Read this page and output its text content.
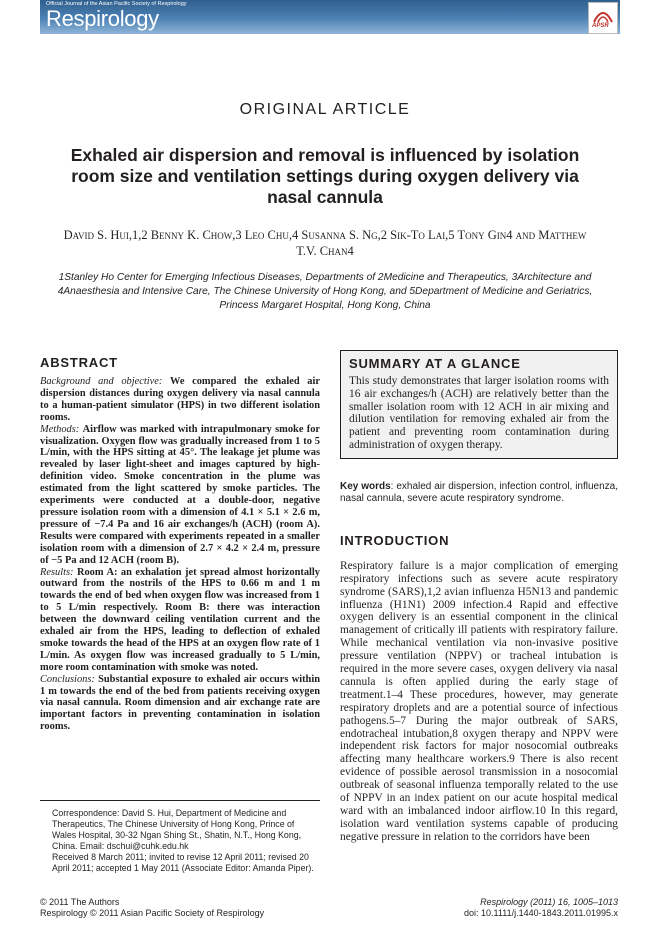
Official Journal of the Asian Pacific Society of Respirology
Respirology	APSR
ORIGINAL ARTICLE
Exhaled air dispersion and removal is influenced by isolation room size and ventilation settings during oxygen delivery via nasal cannula
David S. Hui,1,2 Benny K. Chow,3 Leo Chu,4 Susanna S. Ng,2 Sik-To Lai,5 Tony Gin4 and Matthew T.V. Chan4
1Stanley Ho Center for Emerging Infectious Diseases, Departments of 2Medicine and Therapeutics, 3Architecture and 4Anaesthesia and Intensive Care, The Chinese University of Hong Kong, and 5Department of Medicine and Geriatrics, Princess Margaret Hospital, Hong Kong, China
ABSTRACT

Background and objective: We compared the exhaled air dispersion distances during oxygen delivery via nasal cannula to a human-patient simulator (HPS) in two different isolation rooms.

Methods: Airflow was marked with intrapulmonary smoke for visualization. Oxygen flow was gradually increased from 1 to 5 L/min, with the HPS sitting at 45°. The leakage jet plume was revealed by laser light-sheet and images captured by high-definition video. Smoke concentration in the plume was estimated from the light scattered by smoke particles. The experiments were conducted at a double-door, negative pressure isolation room with a dimension of 4.1 × 5.1 × 2.6 m, pressure of −7.4 Pa and 16 air exchanges/h (ACH) (room A). Results were compared with experiments repeated in a smaller isolation room with a dimension of 2.7 × 4.2 × 2.4 m, pressure of −5 Pa and 12 ACH (room B).

Results: Room A: an exhalation jet spread almost horizontally outward from the nostrils of the HPS to 0.66 m and 1 m towards the end of bed when oxygen flow was increased from 1 to 5 L/min respectively. Room B: there was interaction between the downward ceiling ventilation current and the exhaled air from the HPS, leading to deflection of exhaled smoke towards the head of the HPS at an oxygen flow rate of 1 L/min. As oxygen flow was increased gradually to 5 L/min, more room contamination with smoke was noted.

Conclusions: Substantial exposure to exhaled air occurs within 1 m towards the end of the bed from patients receiving oxygen via nasal cannula. Room dimension and air exchange rate are important factors in preventing contamination in isolation rooms.

Correspondence: David S. Hui, Department of Medicine and Therapeutics, The Chinese University of Hong Kong, Prince of Wales Hospital, 30-32 Ngan Shing St., Shatin, N.T., Hong Kong, China. Email: dschui@cuhk.edu.hk

Received 8 March 2011; invited to revise 12 April 2011; revised 20 April 2011; accepted 1 May 2011 (Associate Editor: Amanda Piper).

SUMMARY AT A GLANCE
This study demonstrates that larger isolation rooms with 16 air exchanges/h (ACH) are relatively better than the smaller isolation room with 12 ACH in air mixing and dilution ventilation for removing exhaled air from the patient and preventing room contamination during administration of oxygen therapy.
Key words: exhaled air dispersion, infection control, influenza, nasal cannula, severe acute respiratory syndrome.
INTRODUCTION
Respiratory failure is a major complication of emerging respiratory infections such as severe acute respiratory syndrome (SARS),1,2 avian influenza H5N13 and pandemic influenza (H1N1) 2009 infection.4 Rapid and effective oxygen delivery is an essential component in the clinical management of critically ill patients with respiratory failure. While mechanical ventilation via non-invasive positive pressure ventilation (NPPV) or tracheal intubation is required in the more severe cases, oxygen delivery via nasal cannula is often applied during the early stage of treatment.1–4 These procedures, however, may generate respiratory droplets and are a potential source of infectious pathogens.5–7 During the major outbreak of SARS, endotracheal intubation,8 oxygen therapy and NPPV were independent risk factors for major nosocomial outbreaks affecting many healthcare workers.9 There is also recent evidence of possible aerosol transmission in a nosocomial outbreak of seasonal influenza temporally related to the use of NPPV in an index patient on our acute hospital medical ward with an imbalanced indoor airflow.10 In this regard, isolation ward ventilation systems capable of producing negative pressure in relation to the corridors have been
© 2011 The Authors
Respirology © 2011 Asian Pacific Society of Respirology
Respirology (2011) 16, 1005–1013
doi: 10.1111/j.1440-1843.2011.01995.x
